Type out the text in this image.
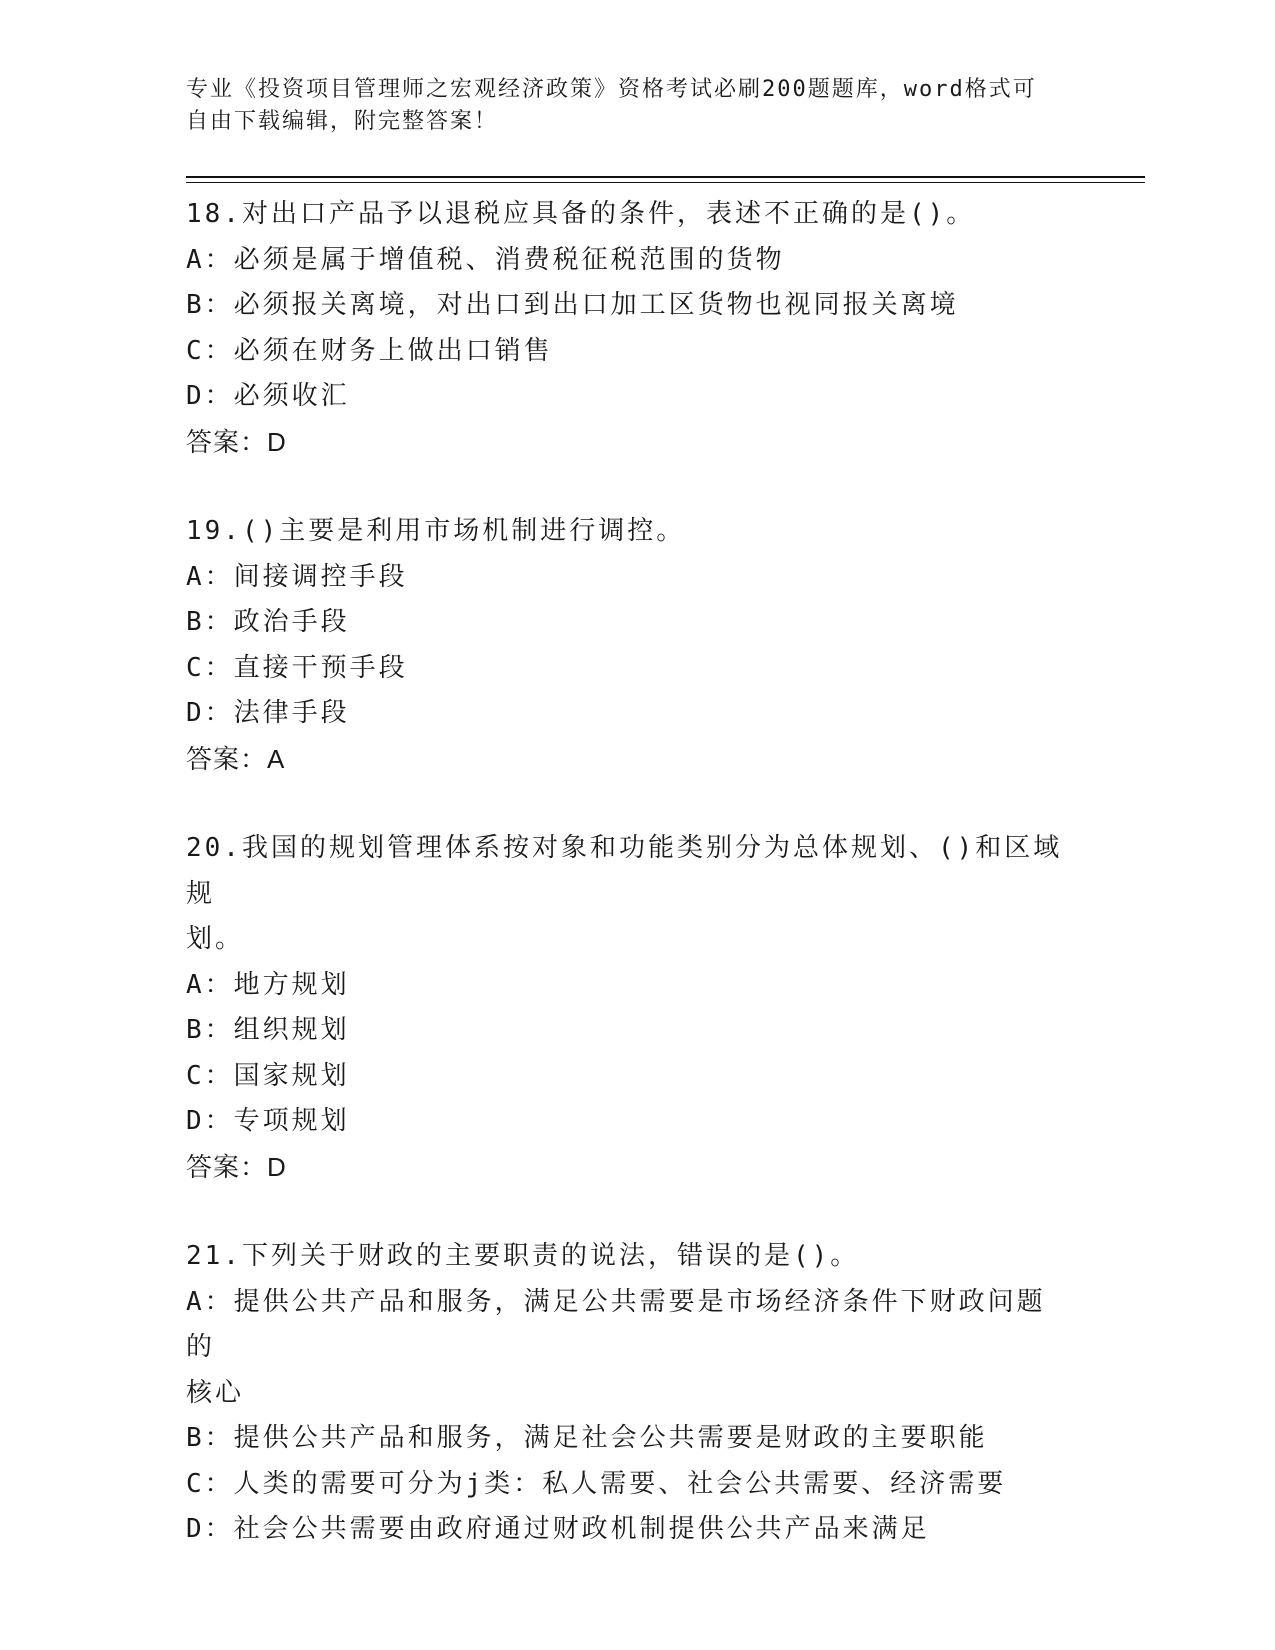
专业《投资项目管理师之宏观经济政策》资格考试必刷200题题库，word格式可
自由下载编辑，附完整答案！
18.对出口产品予以退税应具备的条件，表述不正确的是()。
A：必须是属于增值税、消费税征税范围的货物
B：必须报关离境，对出口到出口加工区货物也视同报关离境
C：必须在财务上做出口销售
D：必须收汇
答案：D
19.()主要是利用市场机制进行调控。
A：间接调控手段
B：政治手段
C：直接干预手段
D：法律手段
答案：A
20.我国的规划管理体系按对象和功能类别分为总体规划、()和区域规
划。
A：地方规划
B：组织规划
C：国家规划
D：专项规划
答案：D
21.下列关于财政的主要职责的说法，错误的是()。
A：提供公共产品和服务，满足公共需要是市场经济条件下财政问题的
核心
B：提供公共产品和服务，满足社会公共需要是财政的主要职能
C：人类的需要可分为j类：私人需要、社会公共需要、经济需要
D：社会公共需要由政府通过财政机制提供公共产品来满足
